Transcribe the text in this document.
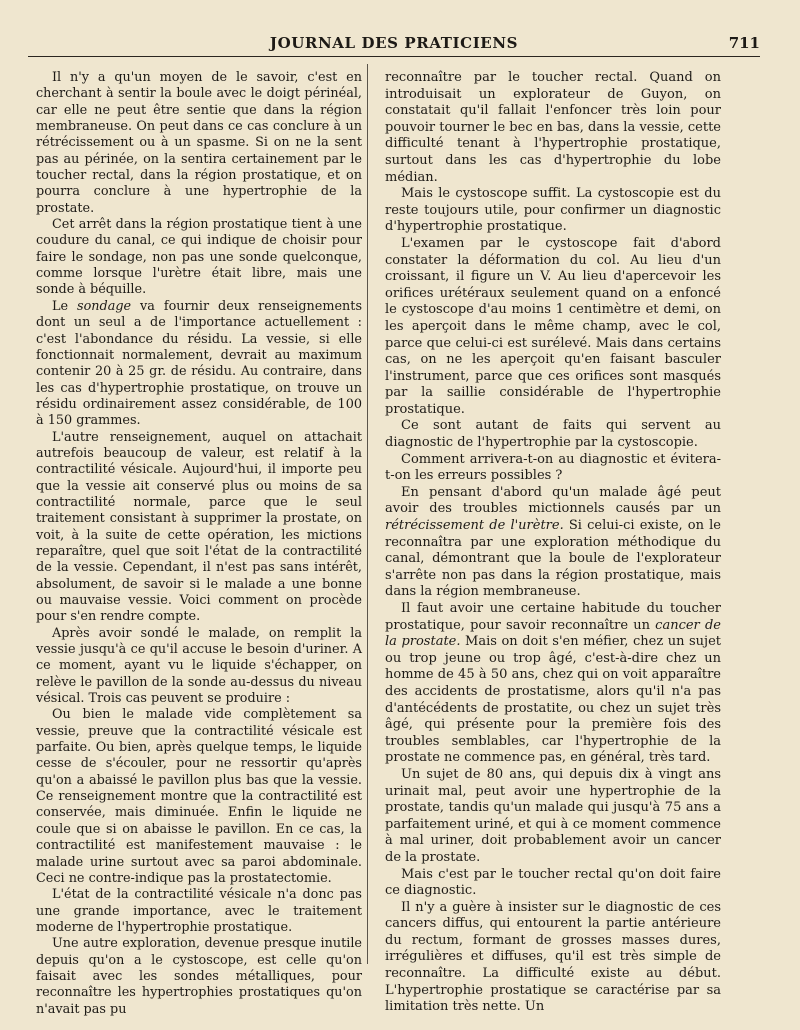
JOURNAL DES PRATICIENS	711

Il n'y a qu'un moyen de le savoir, c'est en cherchant à sentir la boule avec le doigt périnéal, car elle ne peut être sentie que dans la région membraneuse. On peut dans ce cas conclure à un rétrécissement ou à un spasme. Si on ne la sent pas au périnée, on la sentira certainement par le toucher rectal, dans la région prostatique, et on pourra conclure à une hypertrophie de la prostate.

Cet arrêt dans la région prostatique tient à une coudure du canal, ce qui indique de choisir pour faire le sondage, non pas une sonde quelconque, comme lorsque l'urètre était libre, mais une sonde à béquille.

Le sondage va fournir deux renseignements dont un seul a de l'importance actuellement : c'est l'abondance du résidu. La vessie, si elle fonctionnait normalement, devrait au maximum contenir 20 à 25 gr. de résidu. Au contraire, dans les cas d'hypertrophie prostatique, on trouve un résidu ordinairement assez considérable, de 100 à 150 grammes.

L'autre renseignement, auquel on attachait autrefois beaucoup de valeur, est relatif à la contractilité vésicale. Aujourd'hui, il importe peu que la vessie ait conservé plus ou moins de sa contractilité normale, parce que le seul traitement consistant à supprimer la prostate, on voit, à la suite de cette opération, les mictions reparaître, quel que soit l'état de la contractilité de la vessie. Cependant, il n'est pas sans intérêt, absolument, de savoir si le malade a une bonne ou mauvaise vessie. Voici comment on procède pour s'en rendre compte.

Après avoir sondé le malade, on remplit la vessie jusqu'à ce qu'il accuse le besoin d'uriner. A ce moment, ayant vu le liquide s'échapper, on relève le pavillon de la sonde au-dessus du niveau vésical. Trois cas peuvent se produire :

Ou bien le malade vide complètement sa vessie, preuve que la contractilité vésicale est parfaite. Ou bien, après quelque temps, le liquide cesse de s'écouler, pour ne ressortir qu'après qu'on a abaissé le pavillon plus bas que la vessie. Ce renseignement montre que la contractilité est conservée, mais diminuée. Enfin le liquide ne coule que si on abaisse le pavillon. En ce cas, la contractilité est manifestement mauvaise : le malade urine surtout avec sa paroi abdominale. Ceci ne contre-indique pas la prostatectomie.

L'état de la contractilité vésicale n'a donc pas une grande importance, avec le traitement moderne de l'hypertrophie prostatique.

Une autre exploration, devenue presque inutile depuis qu'on a le cystoscope, est celle qu'on faisait avec les sondes métalliques, pour reconnaître les hypertrophies prostatiques qu'on n'avait pas pu

reconnaître par le toucher rectal. Quand on introduisait un explorateur de Guyon, on constatait qu'il fallait l'enfoncer très loin pour pouvoir tourner le bec en bas, dans la vessie, cette difficulté tenant à l'hypertrophie prostatique, surtout dans les cas d'hypertrophie du lobe médian.

Mais le cystoscope suffit. La cystoscopie est du reste toujours utile, pour confirmer un diagnostic d'hypertrophie prostatique.

L'examen par le cystoscope fait d'abord constater la déformation du col. Au lieu d'un croissant, il figure un V. Au lieu d'apercevoir les orifices urétéraux seulement quand on a enfoncé le cystoscope d'au moins 1 centimètre et demi, on les aperçoit dans le même champ, avec le col, parce que celui-ci est surélevé. Mais dans certains cas, on ne les aperçoit qu'en faisant basculer l'instrument, parce que ces orifices sont masqués par la saillie considérable de l'hypertrophie prostatique.

Ce sont autant de faits qui servent au diagnostic de l'hypertrophie par la cystoscopie.

Comment arrivera-t-on au diagnostic et évitera-t-on les erreurs possibles ?

En pensant d'abord qu'un malade âgé peut avoir des troubles mictionnels causés par un rétrécissement de l'urètre. Si celui-ci existe, on le reconnaîtra par une exploration méthodique du canal, démontrant que la boule de l'explorateur s'arrête non pas dans la région prostatique, mais dans la région membraneuse.

Il faut avoir une certaine habitude du toucher prostatique, pour savoir reconnaître un cancer de la prostate. Mais on doit s'en méfier, chez un sujet ou trop jeune ou trop âgé, c'est-à-dire chez un homme de 45 à 50 ans, chez qui on voit apparaître des accidents de prostatisme, alors qu'il n'a pas d'antécédents de prostatite, ou chez un sujet très âgé, qui présente pour la première fois des troubles semblables, car l'hypertrophie de la prostate ne commence pas, en général, très tard.

Un sujet de 80 ans, qui depuis dix à vingt ans urinait mal, peut avoir une hypertrophie de la prostate, tandis qu'un malade qui jusqu'à 75 ans a parfaitement uriné, et qui à ce moment commence à mal uriner, doit probablement avoir un cancer de la prostate.

Mais c'est par le toucher rectal qu'on doit faire ce diagnostic.

Il n'y a guère à insister sur le diagnostic de ces cancers diffus, qui entourent la partie antérieure du rectum, formant de grosses masses dures, irrégulières et diffuses, qu'il est très simple de reconnaître. La difficulté existe au début. L'hypertrophie prostatique se caractérise par sa limitation très nette. Un
